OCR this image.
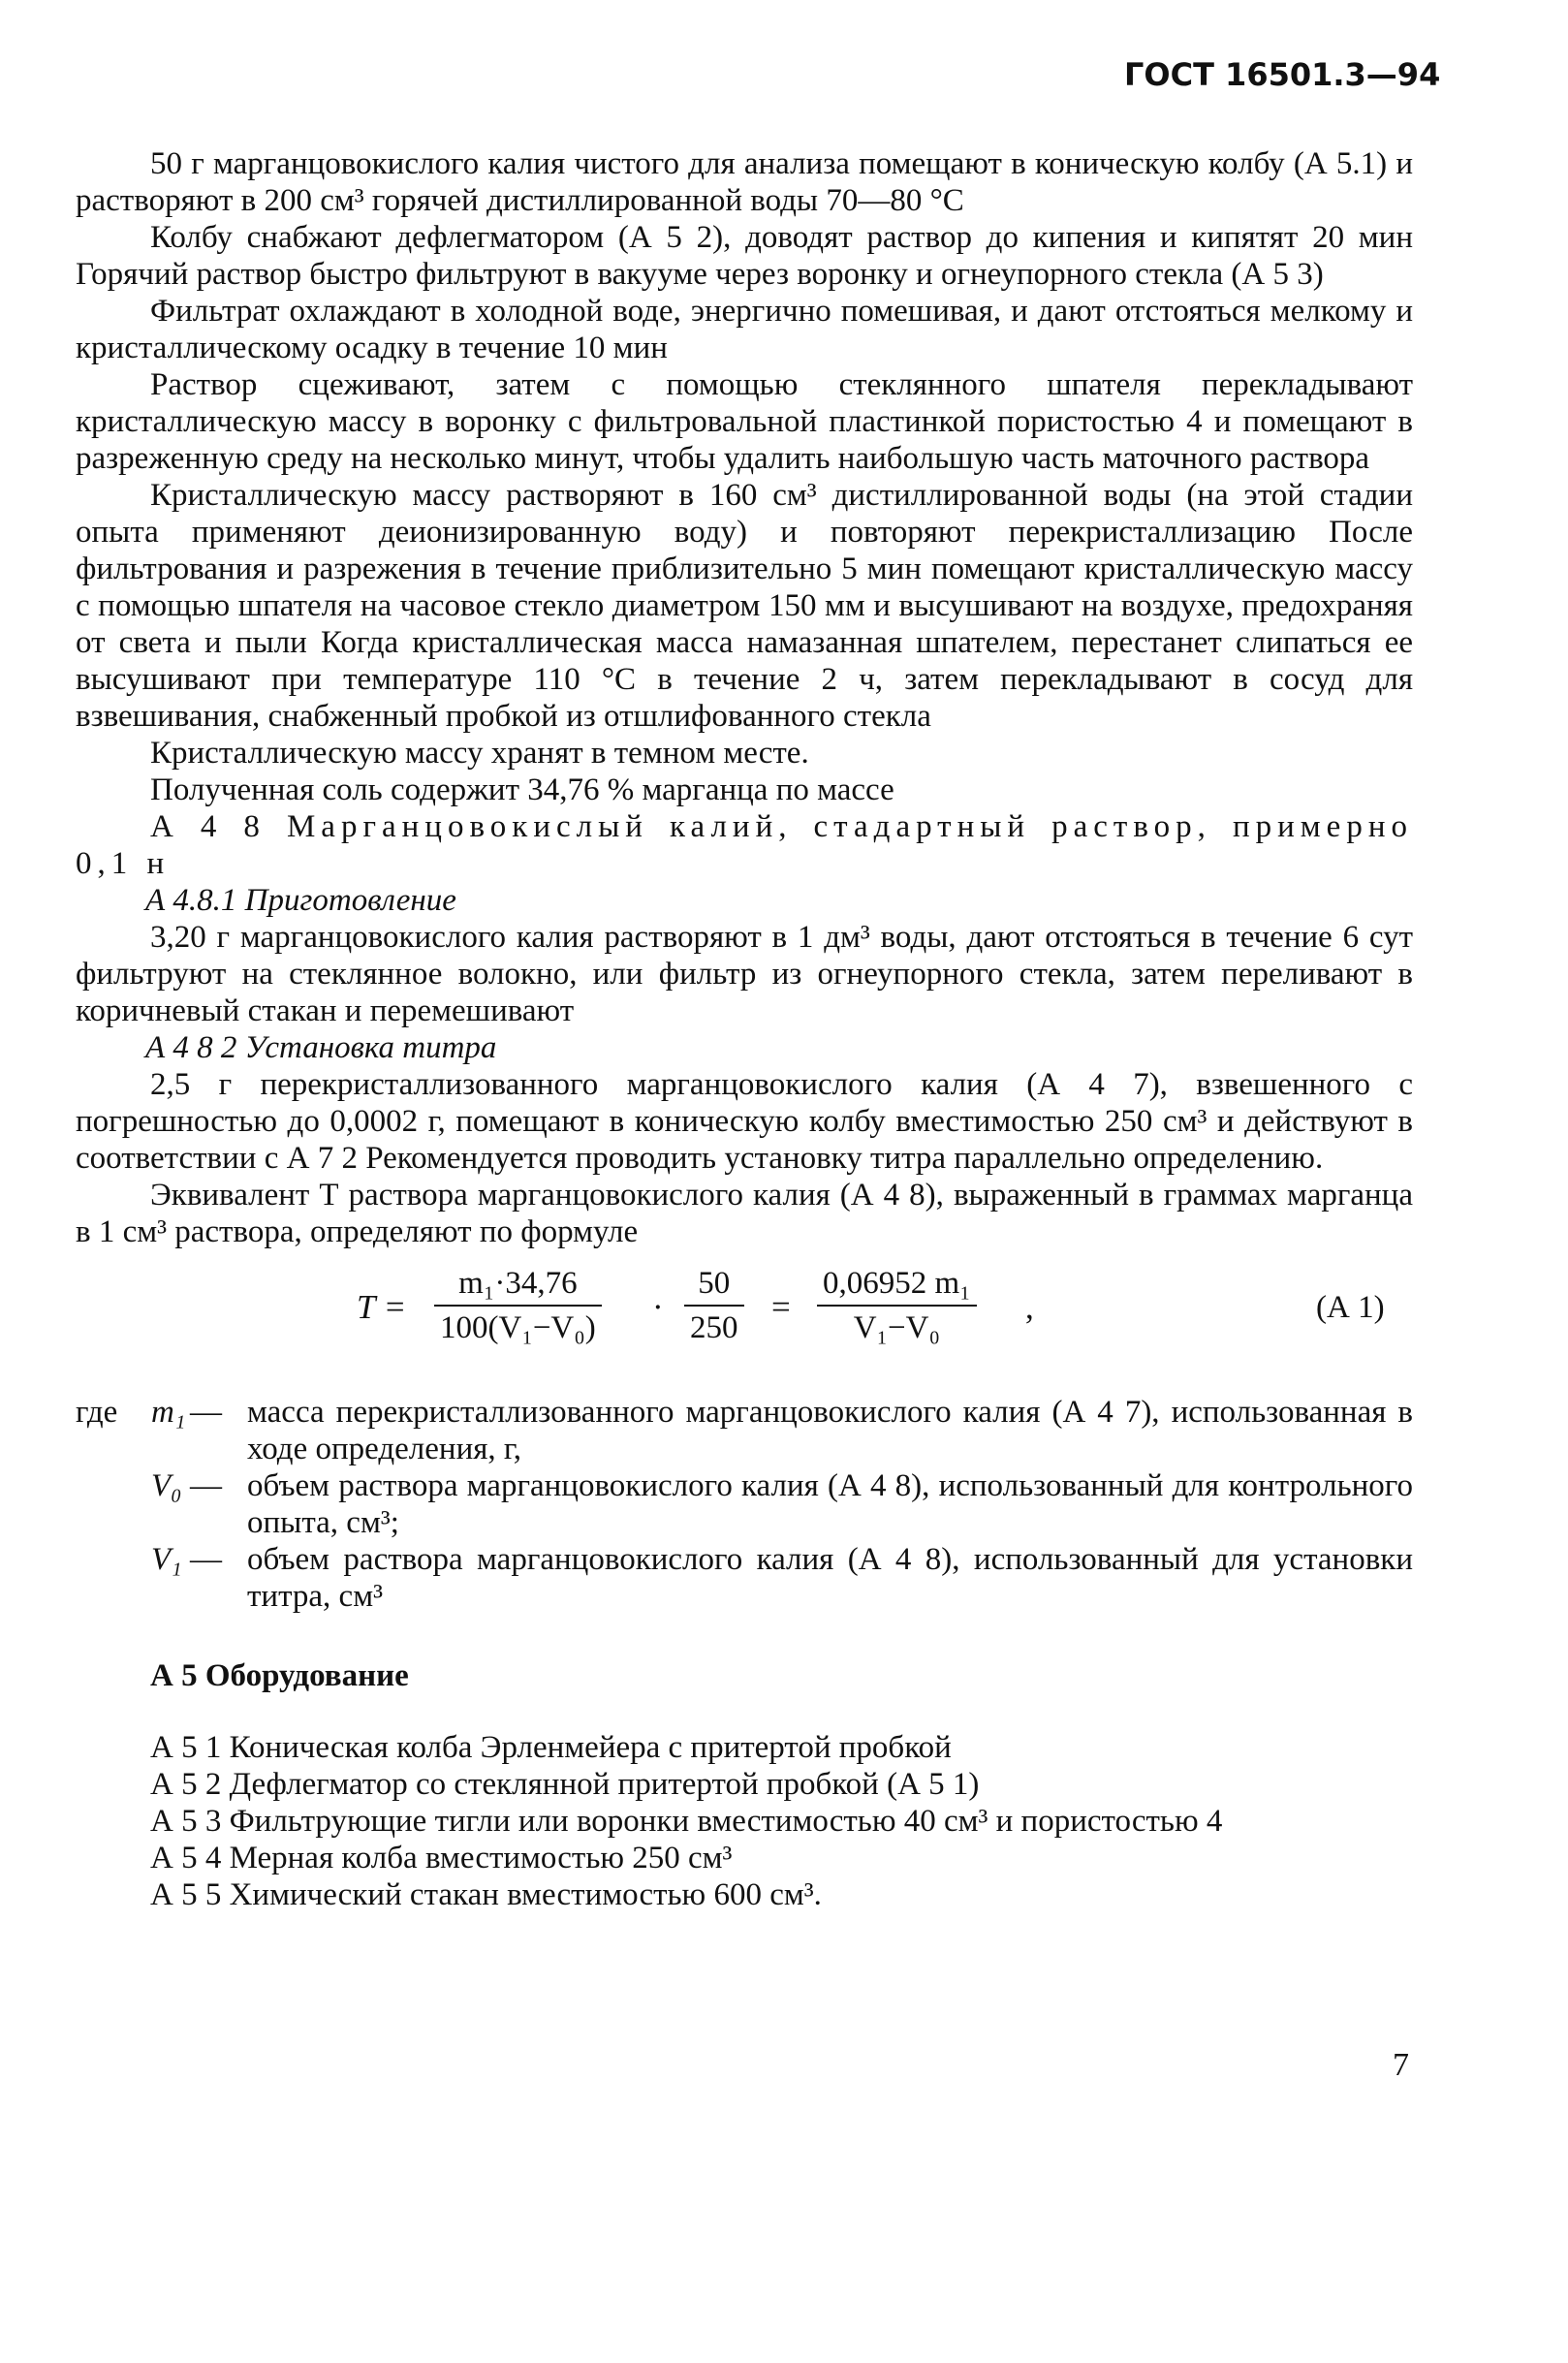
ГОСТ 16501.3—94

50 г марганцовокислого калия чистого для анализа помещают в коническую колбу (А 5.1) и растворяют в 200 см³ горячей дистиллированной воды 70—80 °С

Колбу снабжают дефлегматором (А 5 2), доводят раствор до кипения и кипятят 20 мин Горячий раствор быстро фильтруют в вакууме через воронку и огнеупорного стекла (А 5 3)

Фильтрат охлаждают в холодной воде, энергично помешивая, и дают отстояться мелкому и кристаллическому осадку в течение 10 мин

Раствор сцеживают, затем с помощью стеклянного шпателя перекладывают кристаллическую массу в воронку с фильтровальной пластинкой пористостью 4 и помещают в разреженную среду на несколько минут, чтобы удалить наибольшую часть маточного раствора

Кристаллическую массу растворяют в 160 см³ дистиллированной воды (на этой стадии опыта применяют деионизированную воду) и повторяют перекристаллизацию После фильтрования и разрежения в течение приблизительно 5 мин помещают кристаллическую массу с помощью шпателя на часовое стекло диаметром 150 мм и высушивают на воздухе, предохраняя от света и пыли Когда кристаллическая масса намазанная шпателем, перестанет слипаться ее высушивают при температуре 110 °С в течение 2 ч, затем перекладывают в сосуд для взвешивания, снабженный пробкой из отшлифованного стекла

Кристаллическую массу хранят в темном месте.

Полученная соль содержит 34,76 % марганца по массе

А 4 8 Марганцовокислый калий, стадартный раствор, примерно 0,1 н

А 4.8.1 Приготовление

3,20 г марганцовокислого калия растворяют в 1 дм³ воды, дают отстояться в течение 6 сут фильтруют на стеклянное волокно, или фильтр из огнеупорного стекла, затем переливают в коричневый стакан и перемешивают

А 4 8 2 Установка титра

2,5 г перекристаллизованного марганцовокислого калия (А 4 7), взвешенного с погрешностью до 0,0002 г, помещают в коническую колбу вместимостью 250 см³ и действуют в соответствии с А 7 2 Рекомендуется проводить установку титра параллельно определению.

Эквивалент Т раствора марганцовокислого калия (А 4 8), выраженный в граммах марганца в 1 см³ раствора, определяют по формуле

$T = \frac{\text{m₁·34,76}}{\text{100(V₁−V₀)}} \cdot \frac{50}{250} = \frac{\text{0,06952 m₁}}{\text{V₁−V₀}}$ ,	(А 1)
где m₁ — масса перекристаллизованного марганцовокислого калия (А 4 7), использованная в ходе определения, г,
V₀ — объем раствора марганцовокислого калия (А 4 8), использованный для контрольного опыта, см³;
V₁ — объем раствора марганцовокислого калия (А 4 8), использованный для установки титра, см³
А 5 Оборудование
А 5 1 Коническая колба Эрленмейера с притертой пробкой
А 5 2 Дефлегматор со стеклянной притертой пробкой (А 5 1)
А 5 3 Фильтрующие тигли или воронки вместимостью 40 см³ и пористостью 4
А 5 4 Мерная колба вместимостью 250 см³
А 5 5 Химический стакан вместимостью 600 см³.
7
